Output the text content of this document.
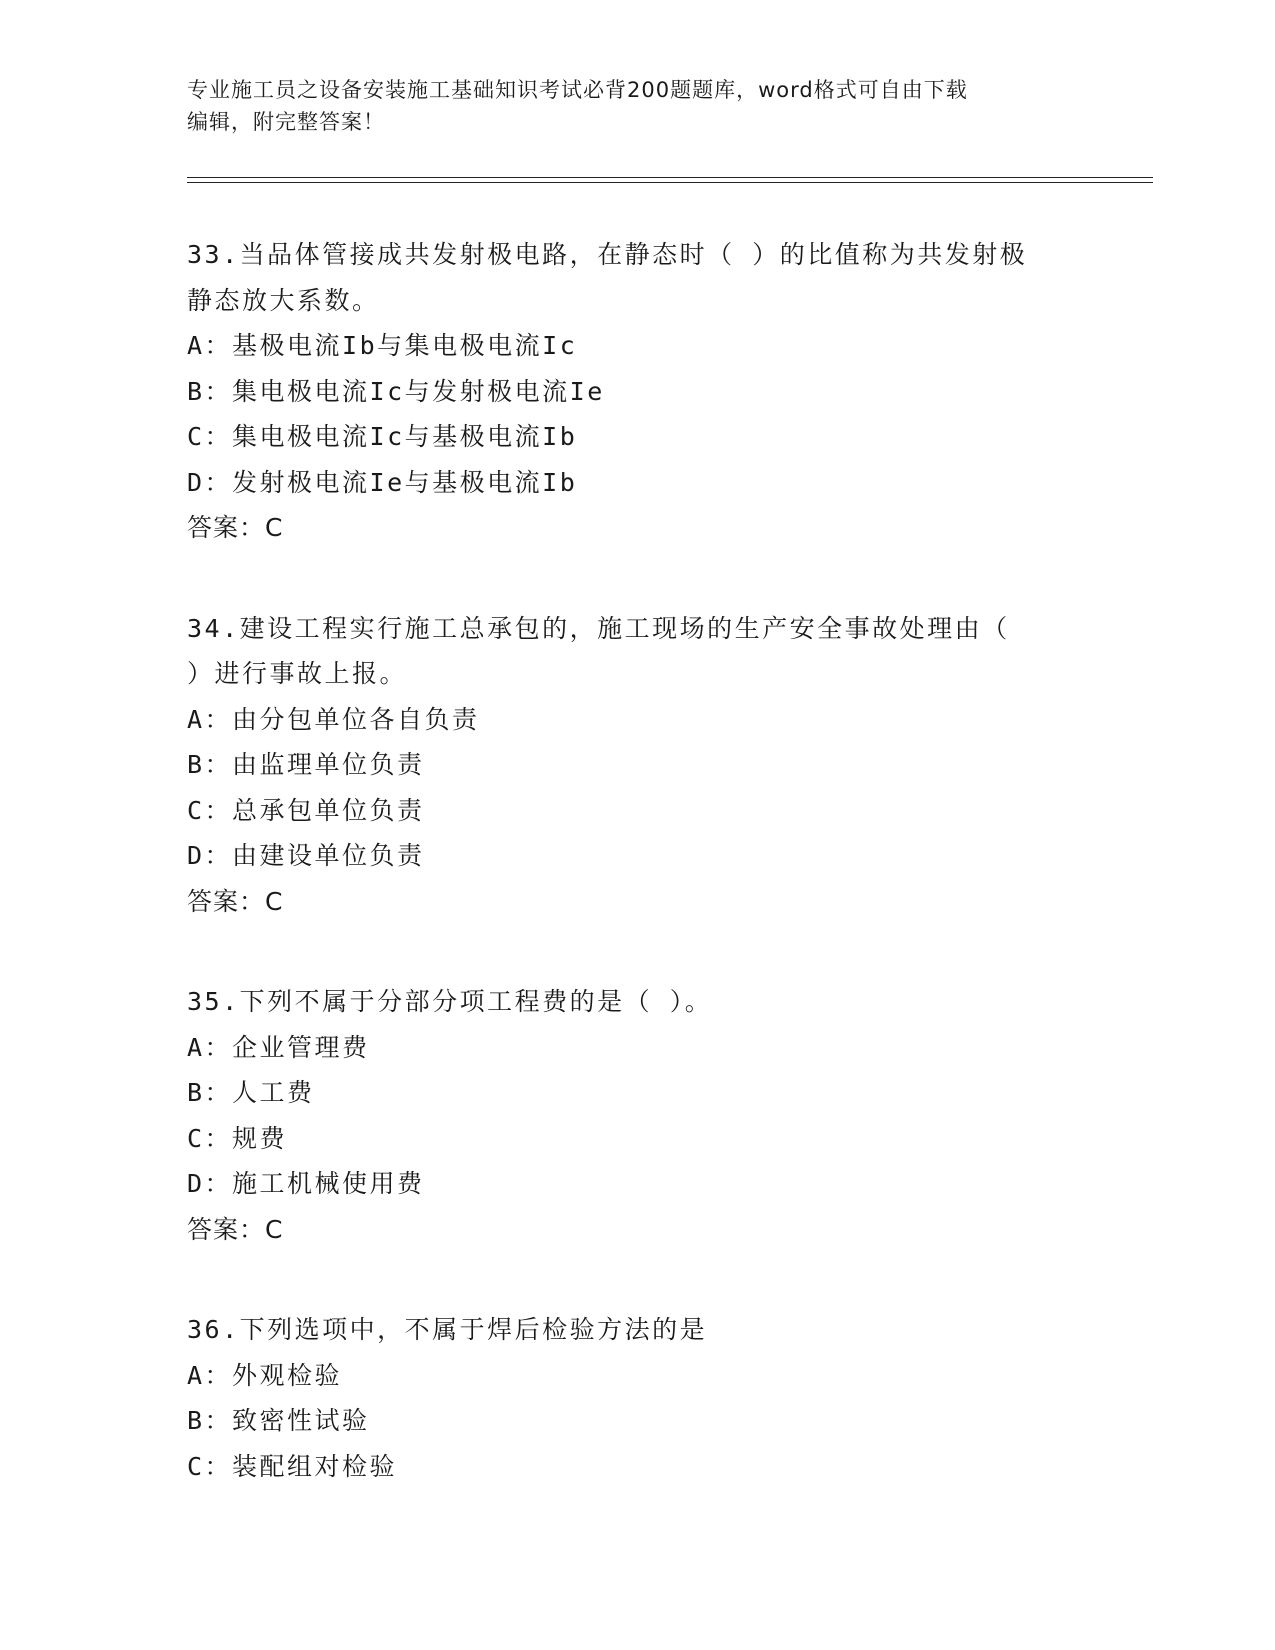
专业施工员之设备安装施工基础知识考试必背200题题库，word格式可自由下载
编辑，附完整答案！
33.当品体管接成共发射极电路，在静态时（ ）的比值称为共发射极
静态放大系数。
A：基极电流Ib与集电极电流Ic
B：集电极电流Ic与发射极电流Ie
C：集电极电流Ic与基极电流Ib
D：发射极电流Ie与基极电流Ib
答案：C
34.建设工程实行施工总承包的，施工现场的生产安全事故处理由（
）进行事故上报。
A：由分包单位各自负责
B：由监理单位负责
C：总承包单位负责
D：由建设单位负责
答案：C
35.下列不属于分部分项工程费的是（ ）。
A：企业管理费
B：人工费
C：规费
D：施工机械使用费
答案：C
36.下列选项中，不属于焊后检验方法的是
A：外观检验
B：致密性试验
C：装配组对检验
